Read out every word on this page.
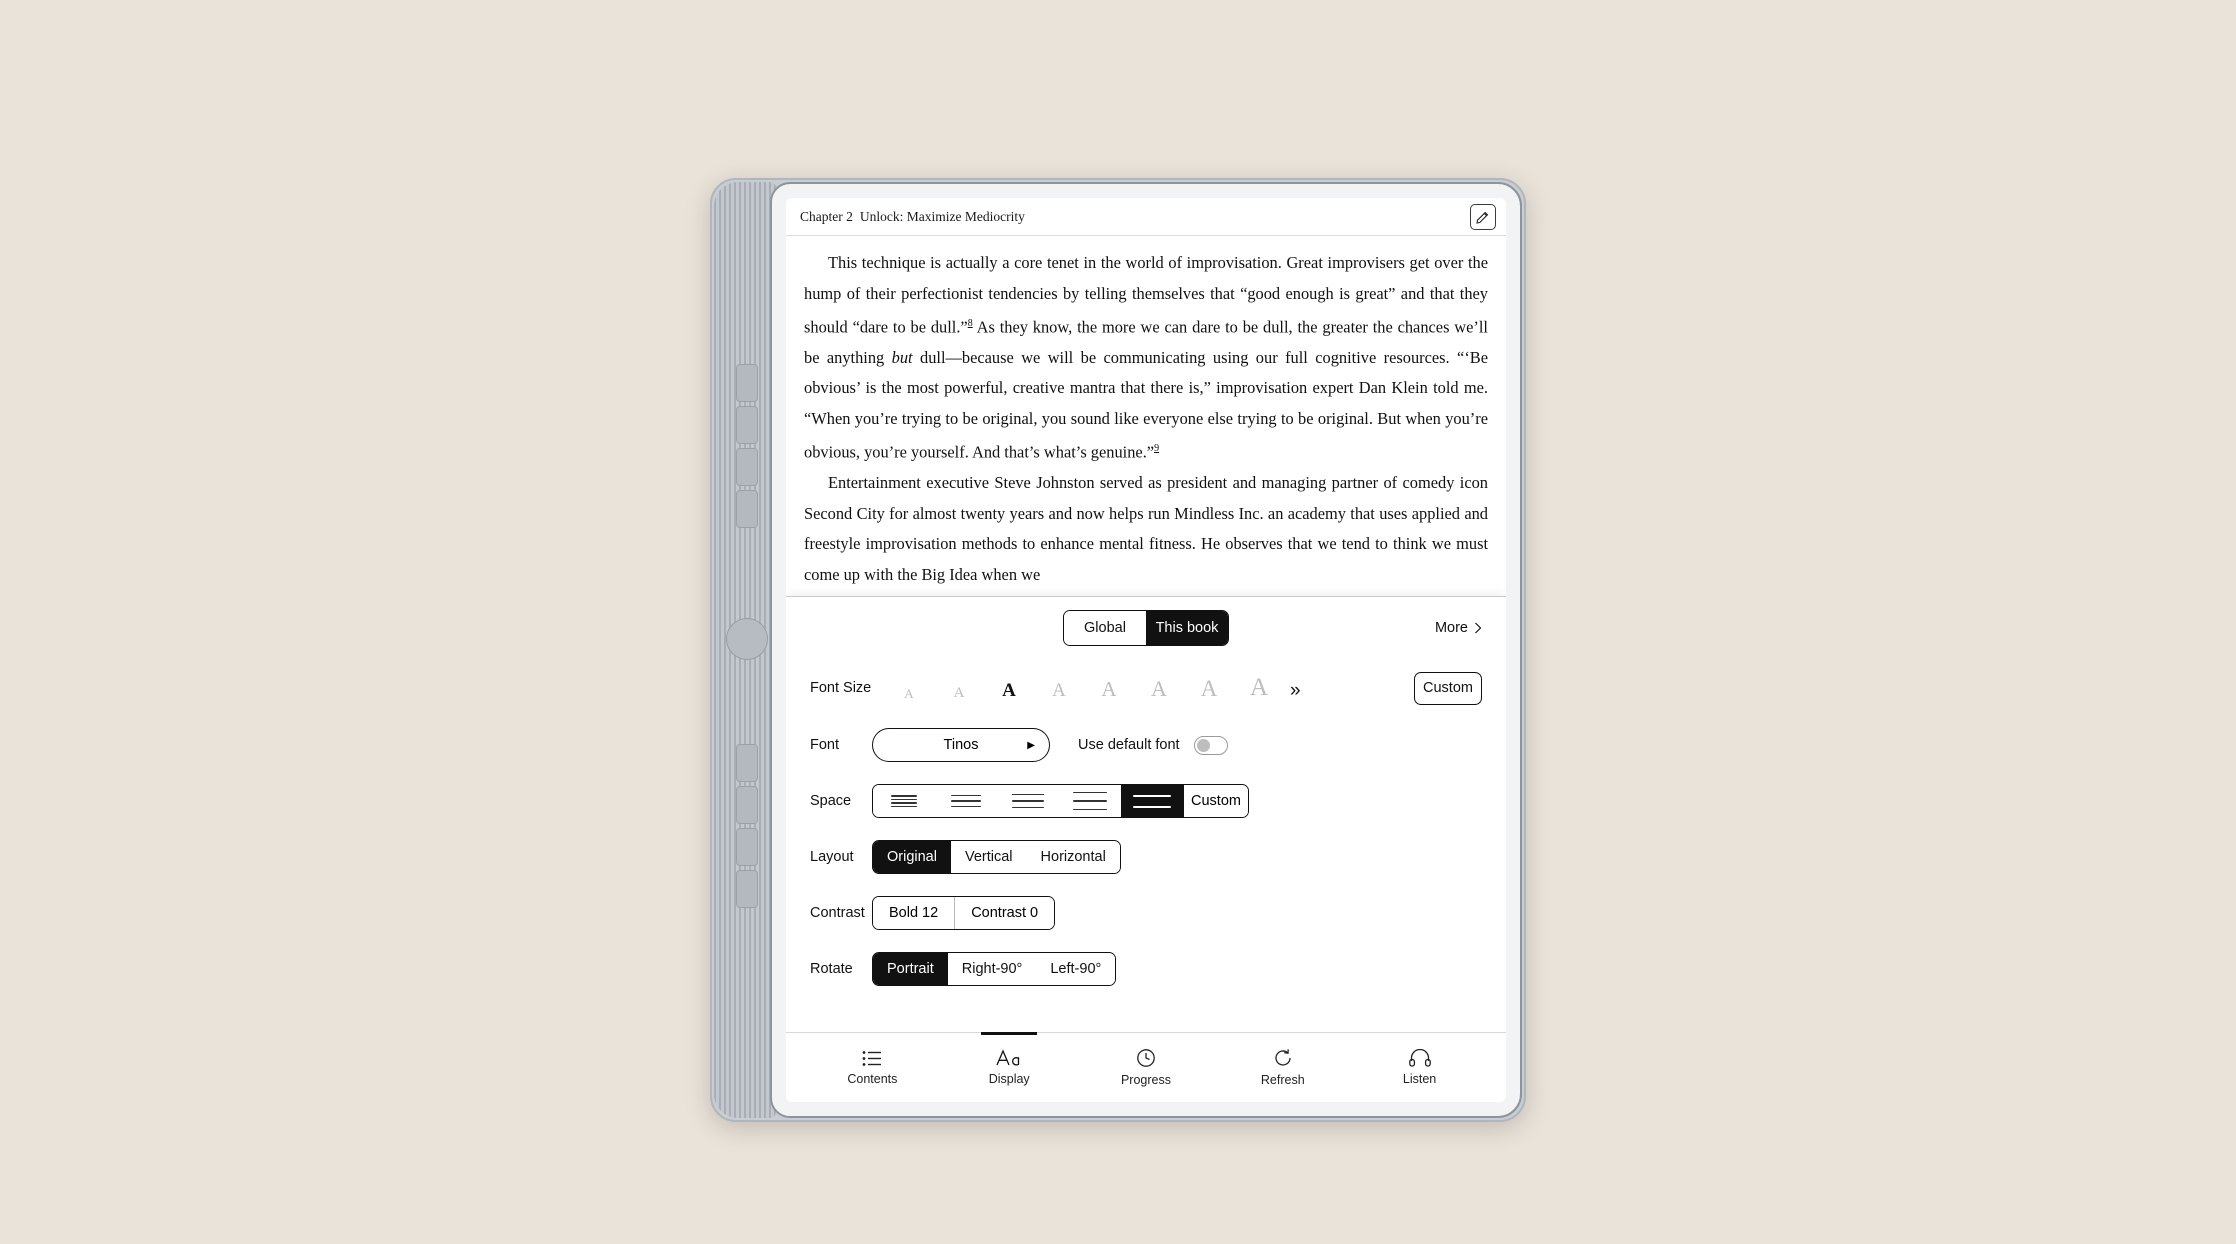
Chapter 2 Unlock: Maximize Mediocrity

This technique is actually a core tenet in the world of improvisation. Great improvisers get over the hump of their perfectionist tendencies by telling themselves that “good enough is great” and that they should “dare to be dull.”$^8$ As they know, the more we can dare to be dull, the greater the chances we’ll be anything but dull—because we will be communicating using our full cognitive resources. “‘Be obvious’ is the most powerful, creative mantra that there is,” improvisation expert Dan Klein told me. “When you’re trying to be original, you sound like everyone else trying to be original. But when you’re obvious, you’re yourself. And that’s what’s genuine.”$^9$

Entertainment executive Steve Johnston served as president and managing partner of comedy icon Second City for almost twenty years and now helps run Mindless Inc. an academy that uses applied and freestyle improvisation methods to enhance mental fitness. He observes that we tend to think we must come up with the Big Idea when we

Global	This book	More
Font Size	A	A	A	A	A	A	A	A	»	Custom
Font	Tinos	▶	Use default font
Space	Custom
Layout	Original	Vertical	Horizontal
Contrast	Bold 12	Contrast 0
Rotate	Portrait	Right-90°	Left-90°
Contents	Display	Progress	Refresh	Listen
